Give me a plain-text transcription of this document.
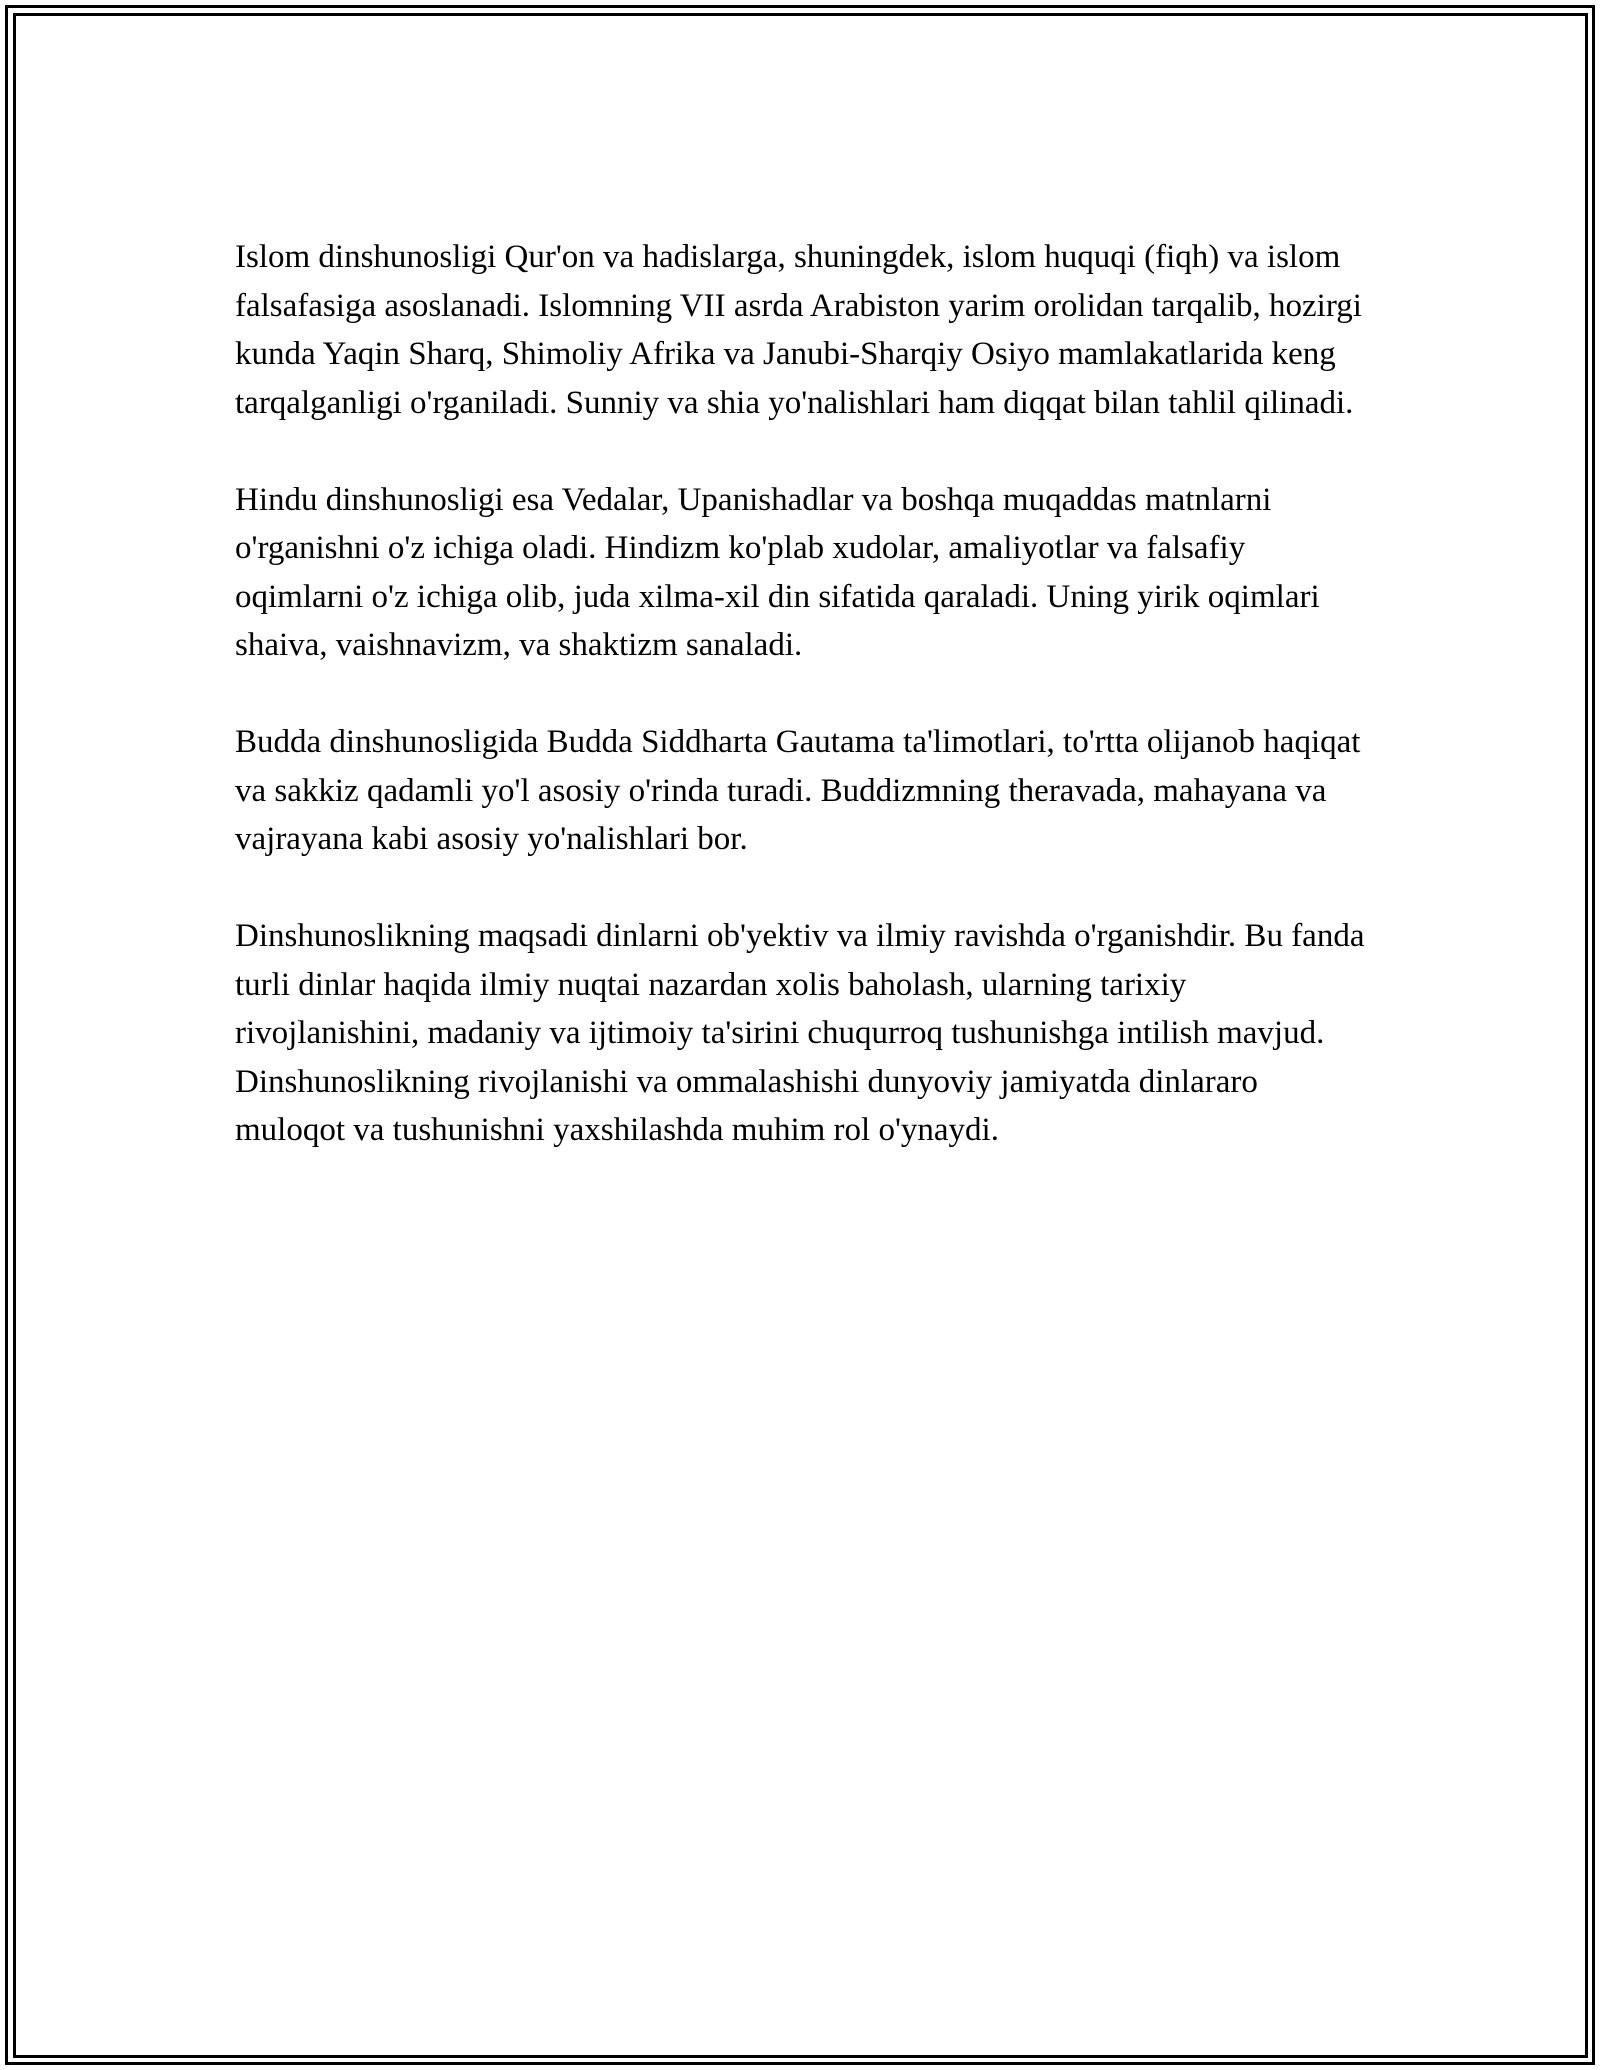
Islom dinshunosligi Qur'on va hadislarga, shuningdek, islom huquqi (fiqh) va islom falsafasiga asoslanadi. Islomning VII asrda Arabiston yarim orolidan tarqalib, hozirgi kunda Yaqin Sharq, Shimoliy Afrika va Janubi-Sharqiy Osiyo mamlakatlarida keng tarqalganligi o'rganiladi. Sunniy va shia yo'nalishlari ham diqqat bilan tahlil qilinadi.

Hindu dinshunosligi esa Vedalar, Upanishadlar va boshqa muqaddas matnlarni o'rganishni o'z ichiga oladi. Hindizm ko'plab xudolar, amaliyotlar va falsafiy oqimlarni o'z ichiga olib, juda xilma-xil din sifatida qaraladi. Uning yirik oqimlari shaiva, vaishnavizm, va shaktizm sanaladi.

Budda dinshunosligida Budda Siddharta Gautama ta'limotlari, to'rtta olijanob haqiqat va sakkiz qadamli yo'l asosiy o'rinda turadi. Buddizmning theravada, mahayana va vajrayana kabi asosiy yo'nalishlari bor.

Dinshunoslikning maqsadi dinlarni ob'yektiv va ilmiy ravishda o'rganishdir. Bu fanda turli dinlar haqida ilmiy nuqtai nazardan xolis baholash, ularning tarixiy rivojlanishini, madaniy va ijtimoiy ta'sirini chuqurroq tushunishga intilish mavjud. Dinshunoslikning rivojlanishi va ommalashishi dunyoviy jamiyatda dinlararo muloqot va tushunishni yaxshilashda muhim rol o'ynaydi.
